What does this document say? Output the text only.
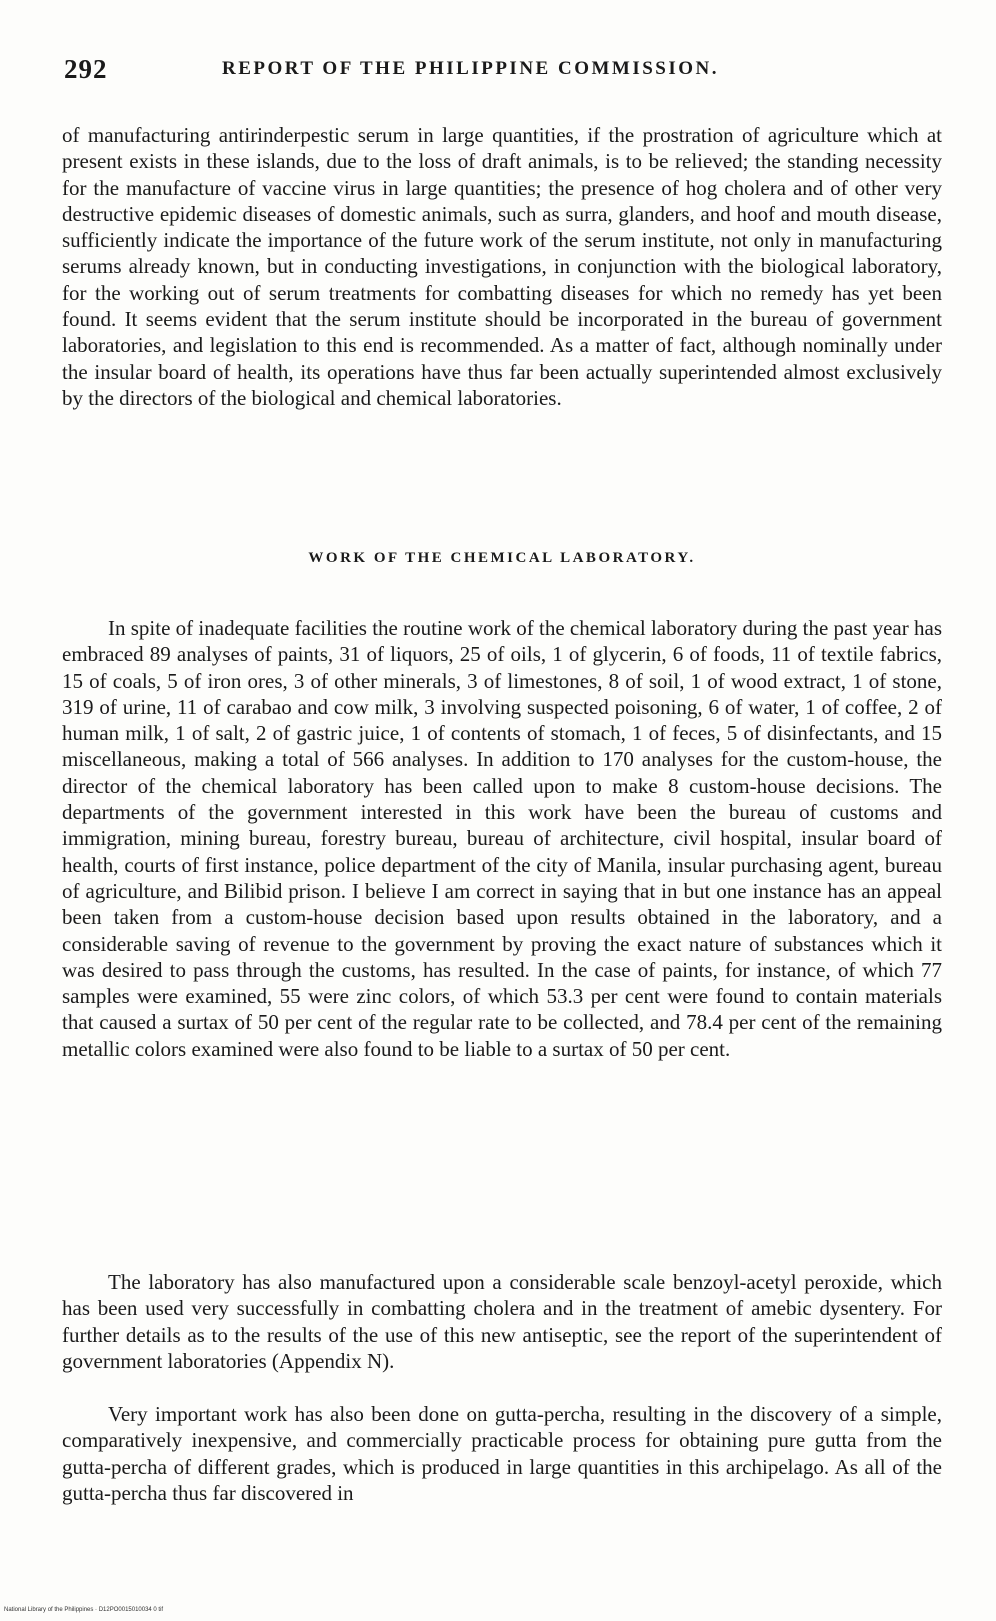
292	REPORT OF THE PHILIPPINE COMMISSION.

of manufacturing antirinderpestic serum in large quantities, if the prostration of agriculture which at present exists in these islands, due to the loss of draft animals, is to be relieved; the standing necessity for the manufacture of vaccine virus in large quantities; the presence of hog cholera and of other very destructive epidemic diseases of domestic animals, such as surra, glanders, and hoof and mouth disease, sufficiently indicate the importance of the future work of the serum institute, not only in manufacturing serums already known, but in conducting investigations, in conjunction with the biological laboratory, for the working out of serum treatments for combatting diseases for which no remedy has yet been found. It seems evident that the serum institute should be incorporated in the bureau of government laboratories, and legislation to this end is recommended. As a matter of fact, although nominally under the insular board of health, its operations have thus far been actually superintended almost exclusively by the directors of the biological and chemical laboratories.

WORK OF THE CHEMICAL LABORATORY.

In spite of inadequate facilities the routine work of the chemical laboratory during the past year has embraced 89 analyses of paints, 31 of liquors, 25 of oils, 1 of glycerin, 6 of foods, 11 of textile fabrics, 15 of coals, 5 of iron ores, 3 of other minerals, 3 of limestones, 8 of soil, 1 of wood extract, 1 of stone, 319 of urine, 11 of carabao and cow milk, 3 involving suspected poisoning, 6 of water, 1 of coffee, 2 of human milk, 1 of salt, 2 of gastric juice, 1 of contents of stomach, 1 of feces, 5 of disinfectants, and 15 miscellaneous, making a total of 566 analyses. In addition to 170 analyses for the custom-house, the director of the chemical laboratory has been called upon to make 8 custom-house decisions. The departments of the government interested in this work have been the bureau of customs and immigration, mining bureau, forestry bureau, bureau of architecture, civil hospital, insular board of health, courts of first instance, police department of the city of Manila, insular purchasing agent, bureau of agriculture, and Bilibid prison. I believe I am correct in saying that in but one instance has an appeal been taken from a custom-house decision based upon results obtained in the laboratory, and a considerable saving of revenue to the government by proving the exact nature of substances which it was desired to pass through the customs, has resulted. In the case of paints, for instance, of which 77 samples were examined, 55 were zinc colors, of which 53.3 per cent were found to contain materials that caused a surtax of 50 per cent of the regular rate to be collected, and 78.4 per cent of the remaining metallic colors examined were also found to be liable to a surtax of 50 per cent.

The laboratory has also manufactured upon a considerable scale benzoyl-acetyl peroxide, which has been used very successfully in combatting cholera and in the treatment of amebic dysentery. For further details as to the results of the use of this new antiseptic, see the report of the superintendent of government laboratories (Appendix N).

Very important work has also been done on gutta-percha, resulting in the discovery of a simple, comparatively inexpensive, and commercially practicable process for obtaining pure gutta from the gutta-percha of different grades, which is produced in large quantities in this archipelago. As all of the gutta-percha thus far discovered in

National Library of the Philippines · D12PO0015010034 0 tif
